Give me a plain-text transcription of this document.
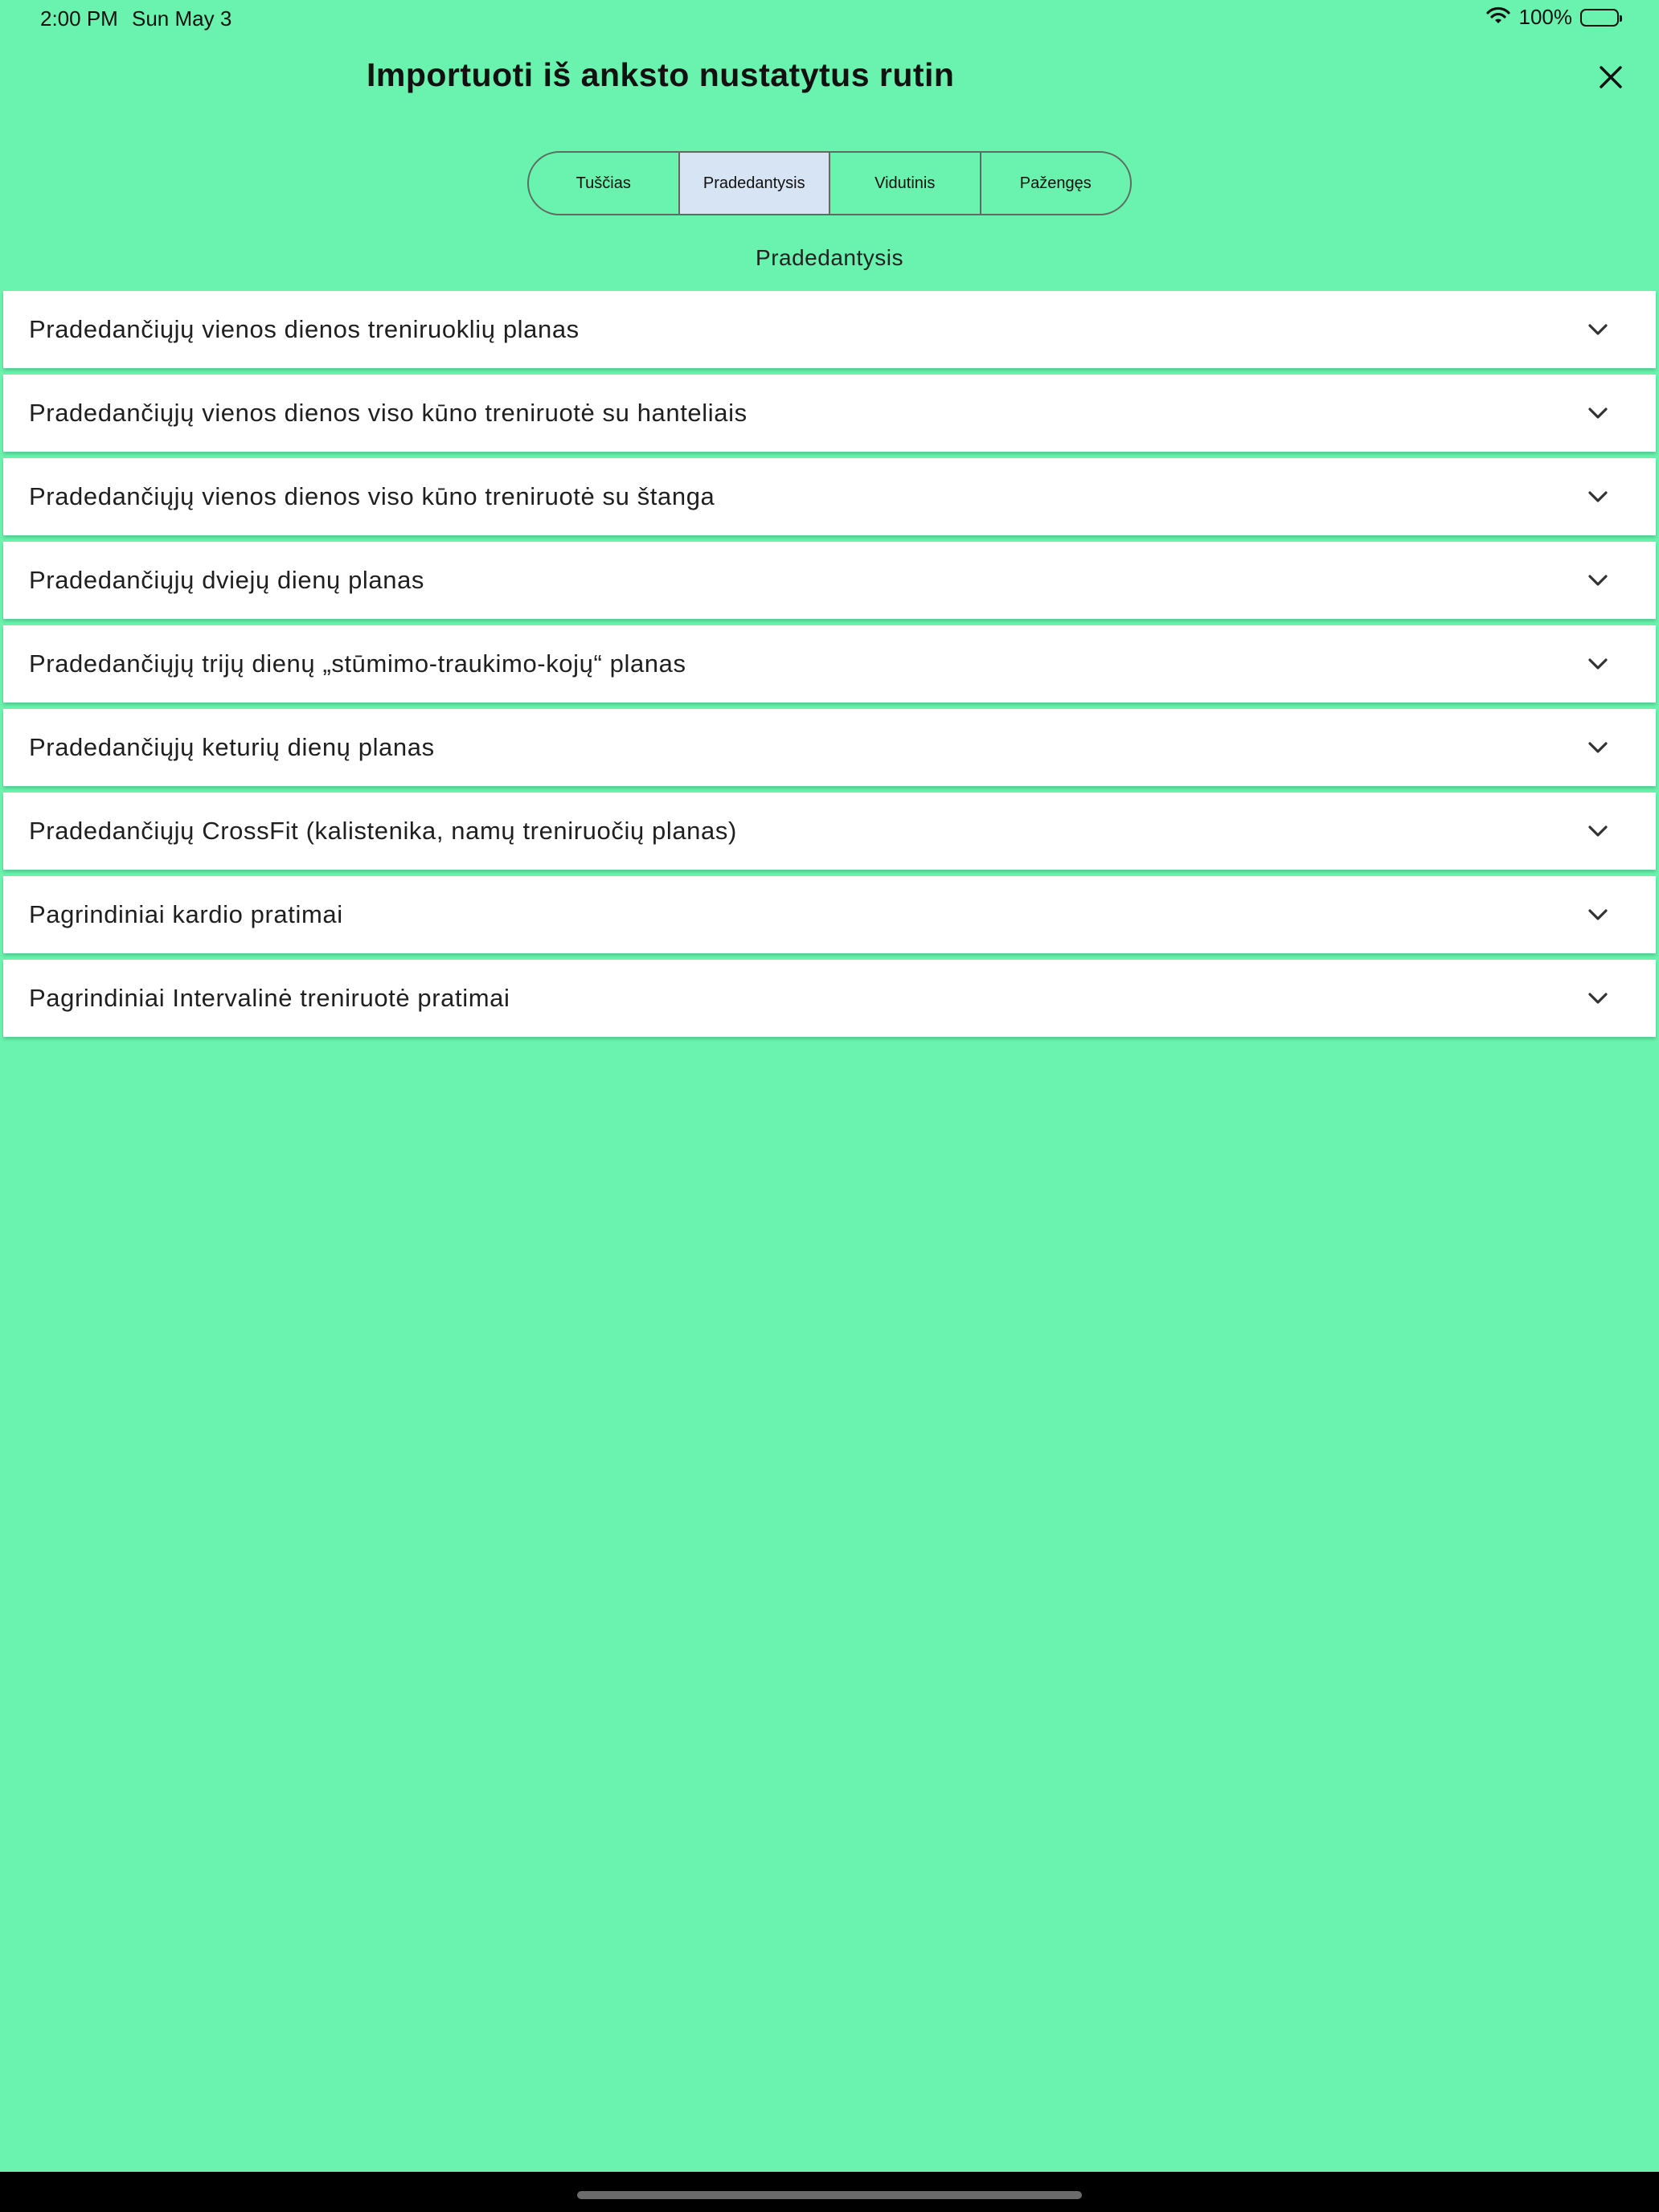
2:00 PM Sun May 3	100%
Importuoti iš anksto nustatytus rutin
Tuščias	Pradedantysis	Vidutinis	Pažengęs
Pradedantysis
Pradedančiųjų vienos dienos treniruoklių planas
Pradedančiųjų vienos dienos viso kūno treniruotė su hanteliais
Pradedančiųjų vienos dienos viso kūno treniruotė su štanga
Pradedančiųjų dviejų dienų planas
Pradedančiųjų trijų dienų „stūmimo-traukimo-kojų“ planas
Pradedančiųjų keturių dienų planas
Pradedančiųjų CrossFit (kalistenika, namų treniruočių planas)
Pagrindiniai kardio pratimai
Pagrindiniai Intervalinė treniruotė pratimai
